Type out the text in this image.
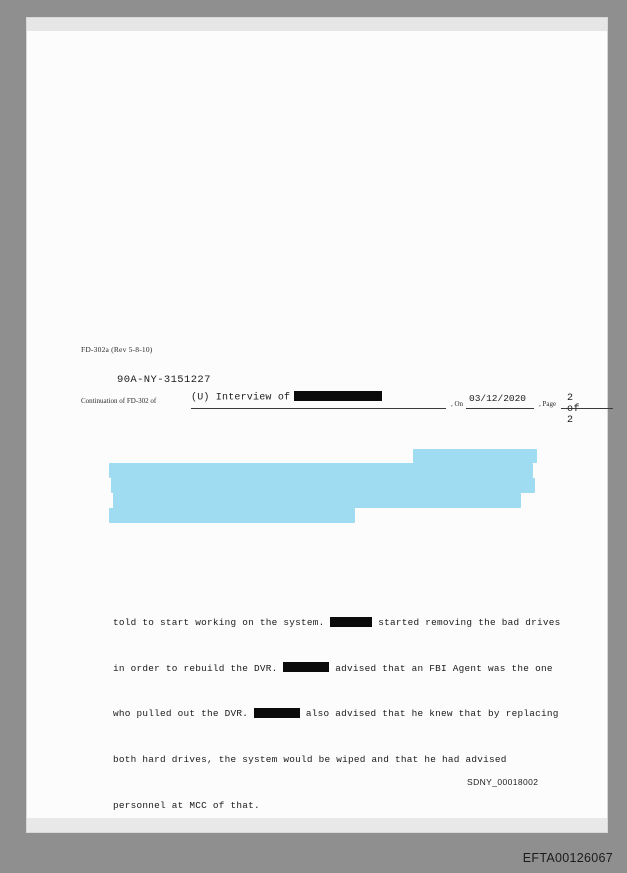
FD-302a (Rev 5-8-10)
90A-NY-3151227
Continuation of FD-302 of	(U) Interview of
, On 03/12/2020 , Page 2 of 2

told to start working on the system.	started removing the bad drives

in order to rebuild the DVR.	advised that an FBI Agent was the one

who pulled out the DVR.	also advised that he knew that by replacing

both hard drives, the system would be wiped and that he had advised

personnel at MCC of that.

SDNY_00018002
EFTA00126067
